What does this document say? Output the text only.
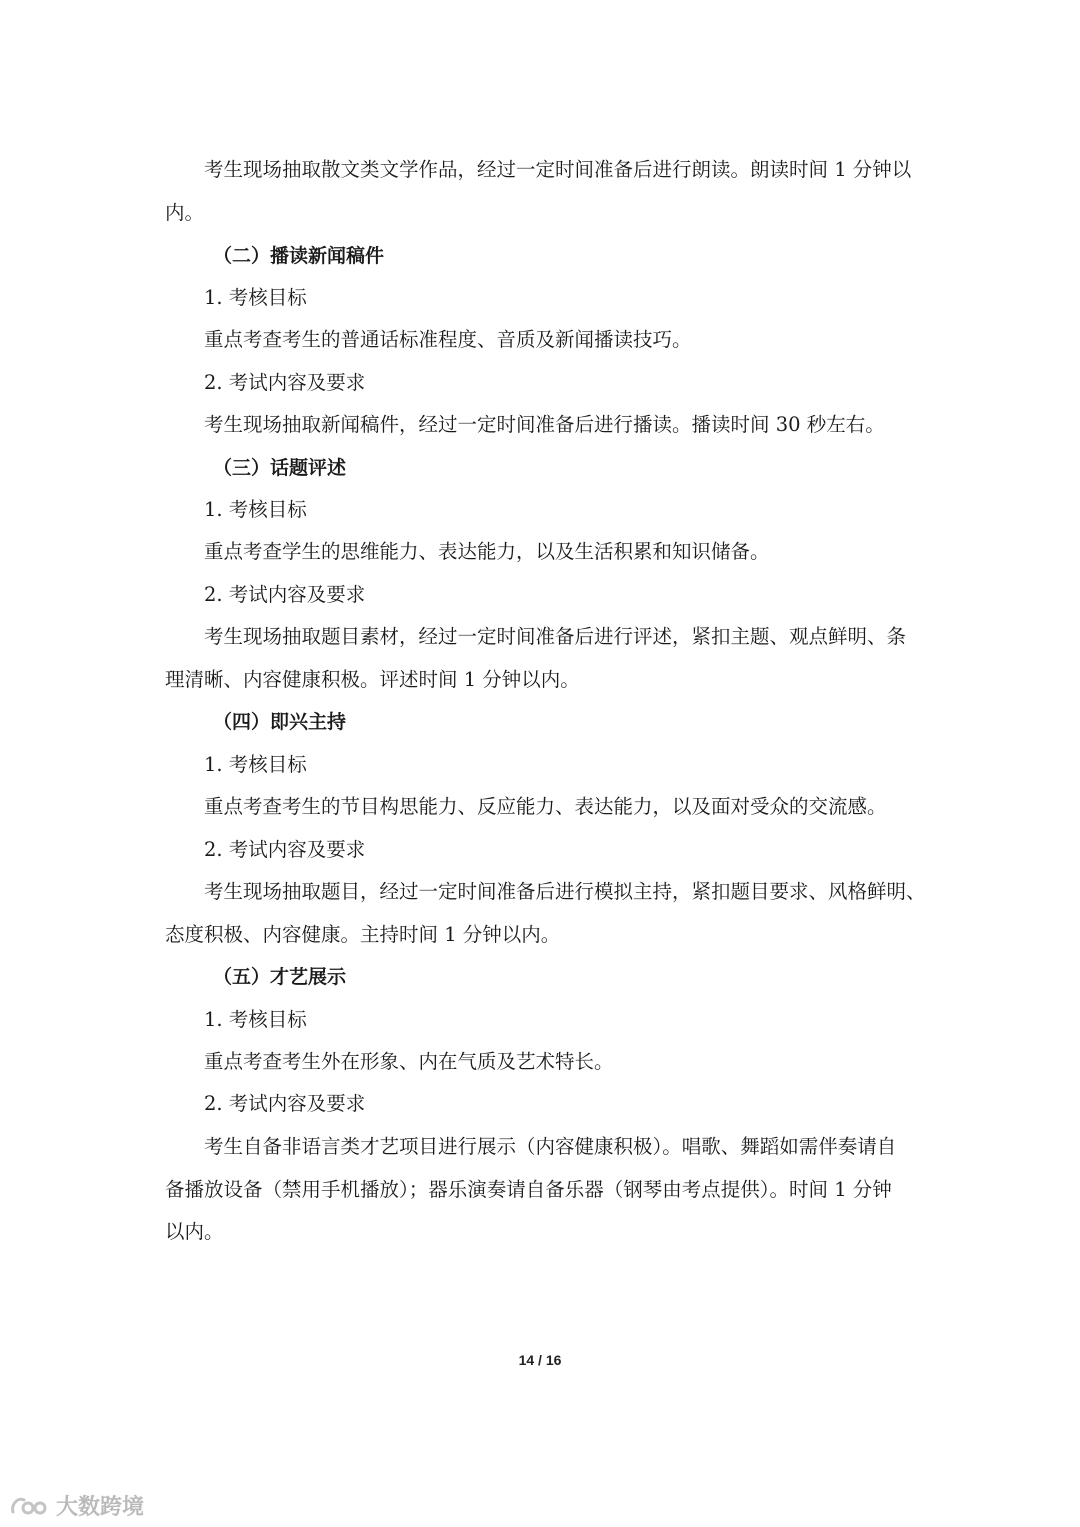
考生现场抽取散文类文学作品，经过一定时间准备后进行朗读。朗读时间 1 分钟以
内。
（二）播读新闻稿件
1. 考核目标
重点考查考生的普通话标准程度、音质及新闻播读技巧。
2. 考试内容及要求
考生现场抽取新闻稿件，经过一定时间准备后进行播读。播读时间 30 秒左右。
（三）话题评述
1. 考核目标
重点考查学生的思维能力、表达能力，以及生活积累和知识储备。
2. 考试内容及要求
考生现场抽取题目素材，经过一定时间准备后进行评述，紧扣主题、观点鲜明、条
理清晰、内容健康积极。评述时间 1 分钟以内。
（四）即兴主持
1. 考核目标
重点考查考生的节目构思能力、反应能力、表达能力，以及面对受众的交流感。
2. 考试内容及要求
考生现场抽取题目，经过一定时间准备后进行模拟主持，紧扣题目要求、风格鲜明、
态度积极、内容健康。主持时间 1 分钟以内。
（五）才艺展示
1. 考核目标
重点考查考生外在形象、内在气质及艺术特长。
2. 考试内容及要求
考生自备非语言类才艺项目进行展示（内容健康积极）。唱歌、舞蹈如需伴奏请自
备播放设备（禁用手机播放）；器乐演奏请自备乐器（钢琴由考点提供）。时间 1 分钟
以内。
14 / 16
大数跨境
